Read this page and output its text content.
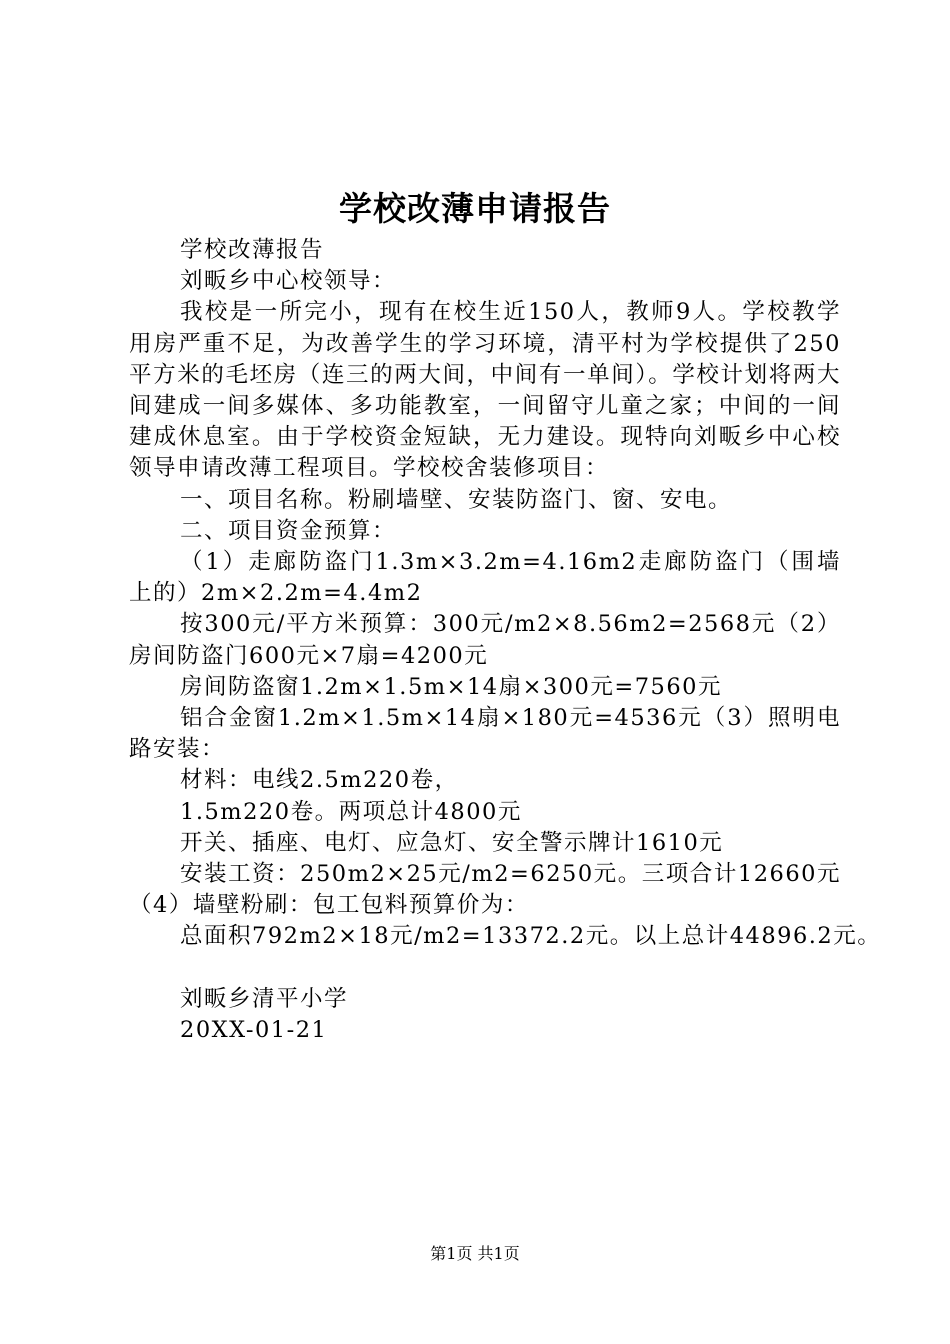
学校改薄申请报告

学校改薄报告

刘畈乡中心校领导：

我校是一所完小，现有在校生近150人，教师9人。学校教学用房严重不足，为改善学生的学习环境，清平村为学校提供了250平方米的毛坯房（连三的两大间，中间有一单间）。学校计划将两大间建成一间多媒体、多功能教室，一间留守儿童之家；中间的一间建成休息室。由于学校资金短缺，无力建设。现特向刘畈乡中心校领导申请改薄工程项目。学校校舍装修项目：

一、项目名称。粉刷墙壁、安装防盗门、窗、安电。

二、项目资金预算：

（1）走廊防盗门1.3m×3.2m=4.16m2走廊防盗门（围墙上的）2m×2.2m=4.4m2

按300元/平方米预算：300元/m2×8.56m2=2568元（2）房间防盗门600元×7扇=4200元

房间防盗窗1.2m×1.5m×14扇×300元=7560元

铝合金窗1.2m×1.5m×14扇×180元=4536元（3）照明电路安装：

材料：电线2.5m220卷，

1.5m220卷。两项总计4800元

开关、插座、电灯、应急灯、安全警示牌计1610元

安装工资：250m2×25元/m2=6250元。三项合计12660元（4）墙壁粉刷：包工包料预算价为：

总面积792m2×18元/m2=13372.2元。以上总计44896.2元。

刘畈乡清平小学

20XX-01-21

第1页 共1页
